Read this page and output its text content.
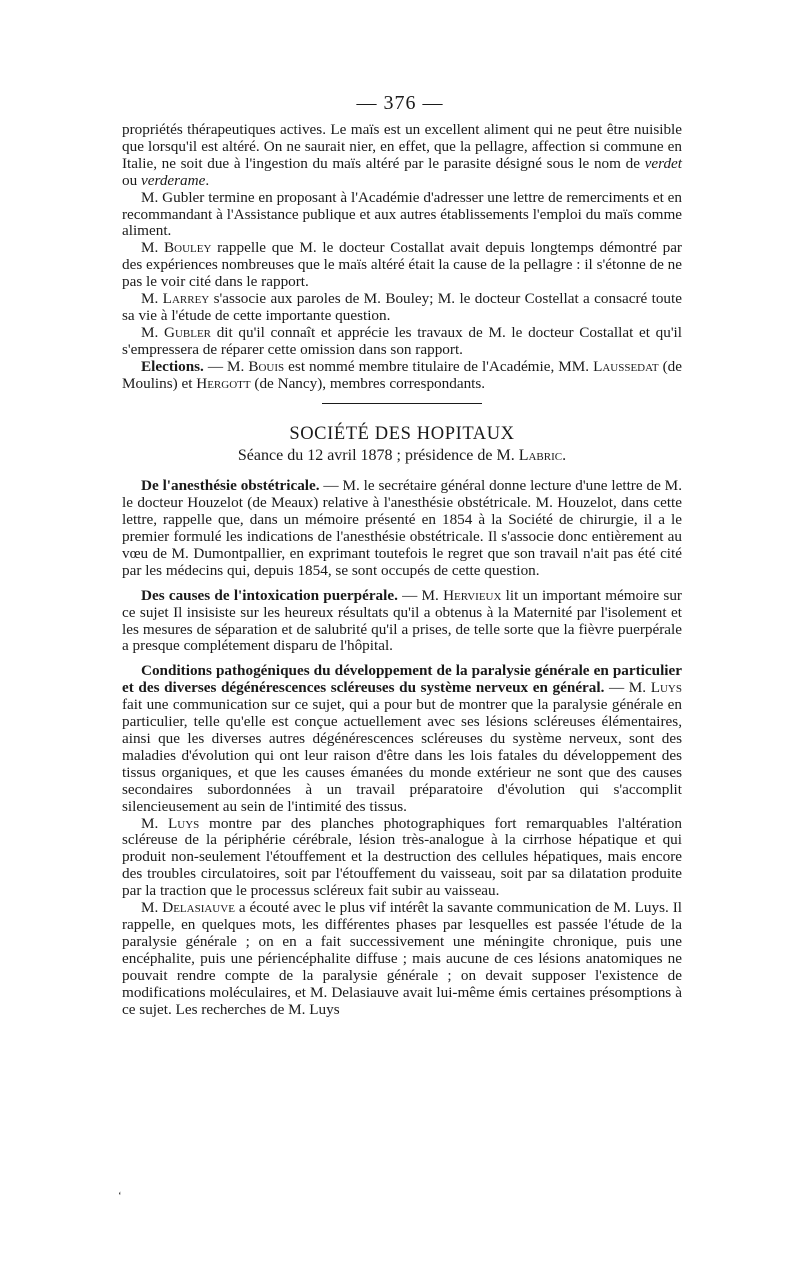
— 376 —

propriétés thérapeutiques actives. Le maïs est un excellent aliment qui ne peut être nuisible que lorsqu'il est altéré. On ne saurait nier, en effet, que la pellagre, affection si commune en Italie, ne soit due à l'ingestion du maïs altéré par le parasite désigné sous le nom de verdet ou verderame.

M. Gubler termine en proposant à l'Académie d'adresser une lettre de remerciments et en recommandant à l'Assistance publique et aux autres établissements l'emploi du maïs comme aliment.

M. Bouley rappelle que M. le docteur Costallat avait depuis longtemps démontré par des expériences nombreuses que le maïs altéré était la cause de la pellagre : il s'étonne de ne pas le voir cité dans le rapport.

M. Larrey s'associe aux paroles de M. Bouley; M. le docteur Costellat a consacré toute sa vie à l'étude de cette importante question.

M. Gubler dit qu'il connaît et apprécie les travaux de M. le docteur Costallat et qu'il s'empressera de réparer cette omission dans son rapport.

Elections. — M. Bouis est nommé membre titulaire de l'Académie, MM. Laussedat (de Moulins) et Hergott (de Nancy), membres correspondants.

SOCIÉTÉ DES HOPITAUX
Séance du 12 avril 1878 ; présidence de M. Labric.

De l'anesthésie obstétricale. — M. le secrétaire général donne lecture d'une lettre de M. le docteur Houzelot (de Meaux) relative à l'anesthésie obstétricale. M. Houzelot, dans cette lettre, rappelle que, dans un mémoire présenté en 1854 à la Société de chirurgie, il a le premier formulé les indications de l'anesthésie obstétricale. Il s'associe donc entièrement au vœu de M. Dumontpallier, en exprimant toutefois le regret que son travail n'ait pas été cité par les médecins qui, depuis 1854, se sont occupés de cette question.

Des causes de l'intoxication puerpérale. — M. Hervieux lit un important mémoire sur ce sujet Il insisiste sur les heureux résultats qu'il a obtenus à la Maternité par l'isolement et les mesures de séparation et de salubrité qu'il a prises, de telle sorte que la fièvre puerpérale a presque complétement disparu de l'hôpital.

Conditions pathogéniques du développement de la paralysie générale en particulier et des diverses dégénérescences scléreuses du système nerveux en général. — M. Luys fait une communication sur ce sujet, qui a pour but de montrer que la paralysie générale en particulier, telle qu'elle est conçue actuellement avec ses lésions scléreuses élémentaires, ainsi que les diverses autres dégénérescences scléreuses du système nerveux, sont des maladies d'évolution qui ont leur raison d'être dans les lois fatales du développement des tissus organiques, et que les causes émanées du monde extérieur ne sont que des causes secondaires subordonnées à un travail préparatoire d'évolution qui s'accomplit silencieusement au sein de l'intimité des tissus.

M. Luys montre par des planches photographiques fort remarquables l'altération scléreuse de la périphérie cérébrale, lésion très-analogue à la cirrhose hépatique et qui produit non-seulement l'étouffement et la destruction des cellules hépatiques, mais encore des troubles circulatoires, soit par l'étouffement du vaisseau, soit par sa dilatation produite par la traction que le processus scléreux fait subir au vaisseau.

M. Delasiauve a écouté avec le plus vif intérêt la savante communication de M. Luys. Il rappelle, en quelques mots, les différentes phases par lesquelles est passée l'étude de la paralysie générale ; on en a fait successivement une méningite chronique, puis une encéphalite, puis une périencéphalite diffuse ; mais aucune de ces lésions anatomiques ne pouvait rendre compte de la paralysie générale ; on devait supposer l'existence de modifications moléculaires, et M. Delasiauve avait lui-même émis certaines présomptions à ce sujet. Les recherches de M. Luys

‘
